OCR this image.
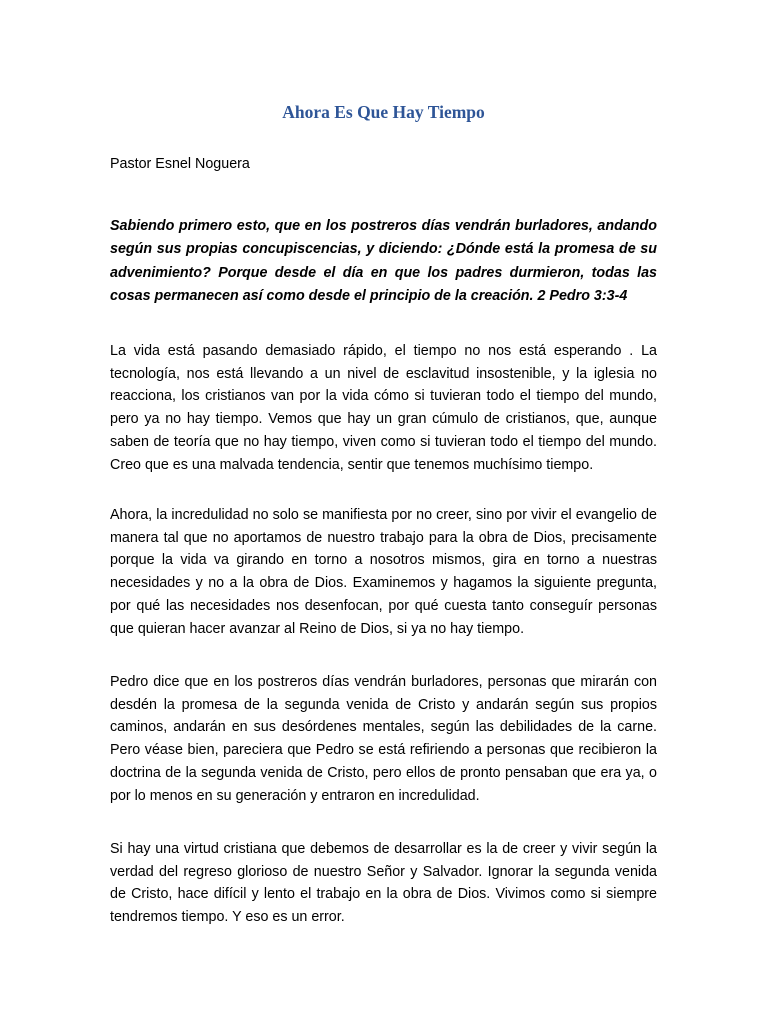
Ahora Es Que Hay Tiempo

Pastor Esnel Noguera

Sabiendo primero esto, que en los postreros días vendrán burladores, andando según sus propias concupiscencias, y diciendo: ¿Dónde está la promesa de su advenimiento? Porque desde el día en que los padres durmieron, todas las cosas permanecen así como desde el principio de la creación. 2 Pedro 3:3-4

La vida está pasando demasiado rápido, el tiempo no nos está esperando . La tecnología, nos está llevando a un nivel de esclavitud insostenible, y la iglesia no reacciona, los cristianos van por la vida cómo si tuvieran todo el tiempo del mundo, pero ya no hay tiempo. Vemos que hay un gran cúmulo de cristianos, que, aunque saben de teoría que no hay tiempo, viven como si tuvieran todo el tiempo del mundo. Creo que es una malvada tendencia, sentir que tenemos muchísimo tiempo.

Ahora, la incredulidad no solo se manifiesta por no creer, sino por vivir el evangelio de manera tal que no aportamos de nuestro trabajo para la obra de Dios, precisamente porque la vida va girando en torno a nosotros mismos, gira en torno a nuestras necesidades y no a la obra de Dios. Examinemos y hagamos la siguiente pregunta, por qué las necesidades nos desenfocan, por qué cuesta tanto conseguír personas que quieran hacer avanzar al Reino de Dios, si ya no hay tiempo.

Pedro dice que en los postreros días vendrán burladores, personas que mirarán con desdén la promesa de la segunda venida de Cristo y andarán según sus propios caminos, andarán en sus desórdenes mentales, según las debilidades de la carne. Pero véase bien, pareciera que Pedro se está refiriendo a personas que recibieron la doctrina de la segunda venida de Cristo, pero ellos de pronto pensaban que era ya, o por lo menos en su generación y entraron en incredulidad.

Si hay una virtud cristiana que debemos de desarrollar es la de creer y vivir según la verdad del regreso glorioso de nuestro Señor y Salvador. Ignorar la segunda venida de Cristo, hace difícil y lento el trabajo en la obra de Dios. Vivimos como si siempre tendremos tiempo. Y eso es un error.
